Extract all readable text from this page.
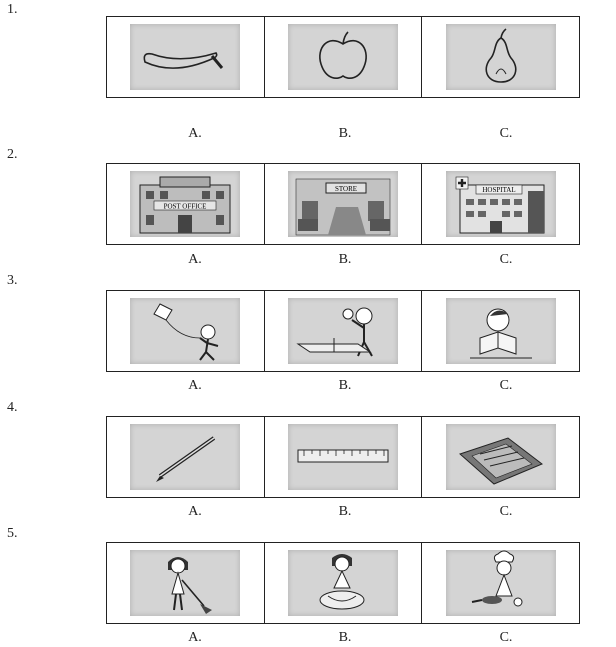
1.
A.	B.	C.
2.
POST OFFICE
STORE	HOSPITAL
A.	B.	C.
3.
A.	B.	C.
4.
A.	B.	C.
5.
A.	B.	C.
